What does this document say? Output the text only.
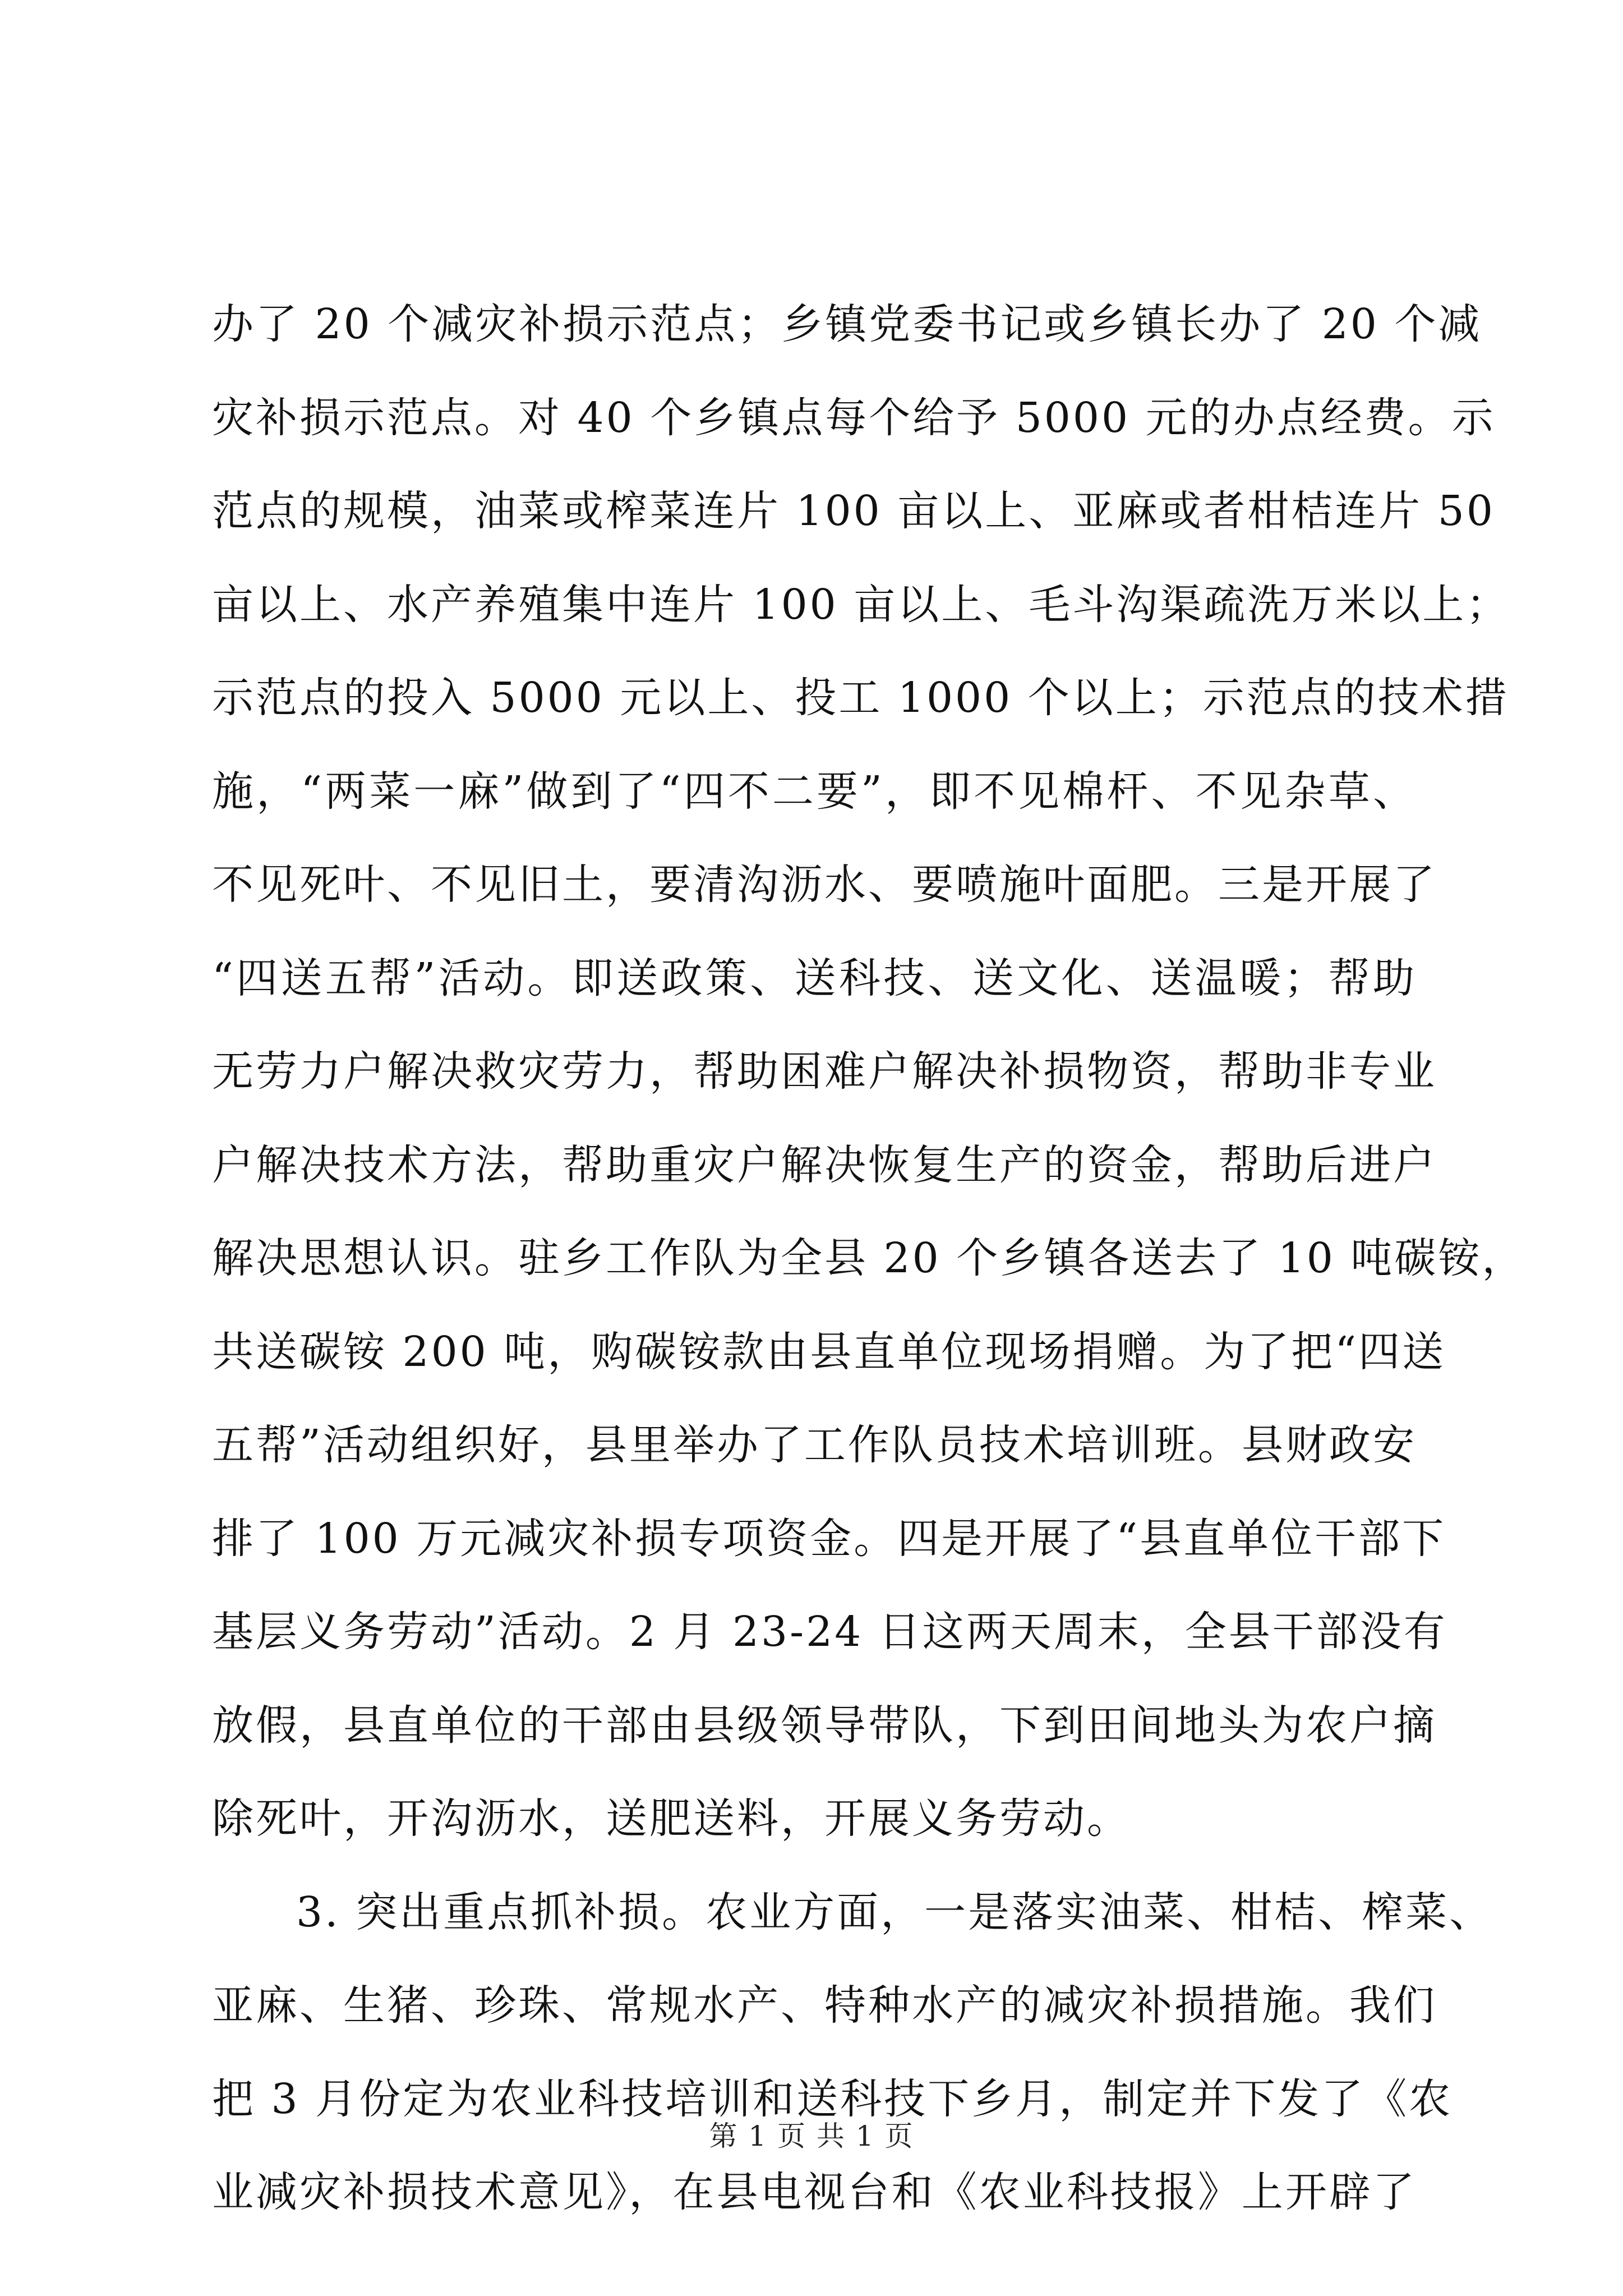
办了 20 个减灾补损示范点；乡镇党委书记或乡镇长办了 20 个减
灾补损示范点。对 40 个乡镇点每个给予 5000 元的办点经费。示
范点的规模，油菜或榨菜连片 100 亩以上、亚麻或者柑桔连片 50
亩以上、水产养殖集中连片 100 亩以上、毛斗沟渠疏洗万米以上；
示范点的投入 5000 元以上、投工 1000 个以上；示范点的技术措
施，“两菜一麻”做到了“四不二要”，即不见棉杆、不见杂草、
不见死叶、不见旧土，要清沟沥水、要喷施叶面肥。三是开展了
“四送五帮”活动。即送政策、送科技、送文化、送温暖；帮助
无劳力户解决救灾劳力，帮助困难户解决补损物资，帮助非专业
户解决技术方法，帮助重灾户解决恢复生产的资金，帮助后进户
解决思想认识。驻乡工作队为全县 20 个乡镇各送去了 10 吨碳铵，
共送碳铵 200 吨，购碳铵款由县直单位现场捐赠。为了把“四送
五帮”活动组织好，县里举办了工作队员技术培训班。县财政安
排了 100 万元减灾补损专项资金。四是开展了“县直单位干部下
基层义务劳动”活动。2 月 23-24 日这两天周末，全县干部没有
放假，县直单位的干部由县级领导带队，下到田间地头为农户摘
除死叶，开沟沥水，送肥送料，开展义务劳动。
3. 突出重点抓补损。农业方面，一是落实油菜、柑桔、榨菜、
亚麻、生猪、珍珠、常规水产、特种水产的减灾补损措施。我们
把 3 月份定为农业科技培训和送科技下乡月，制定并下发了《农
业减灾补损技术意见》，在县电视台和《农业科技报》上开辟了
第 1 页 共 1 页
